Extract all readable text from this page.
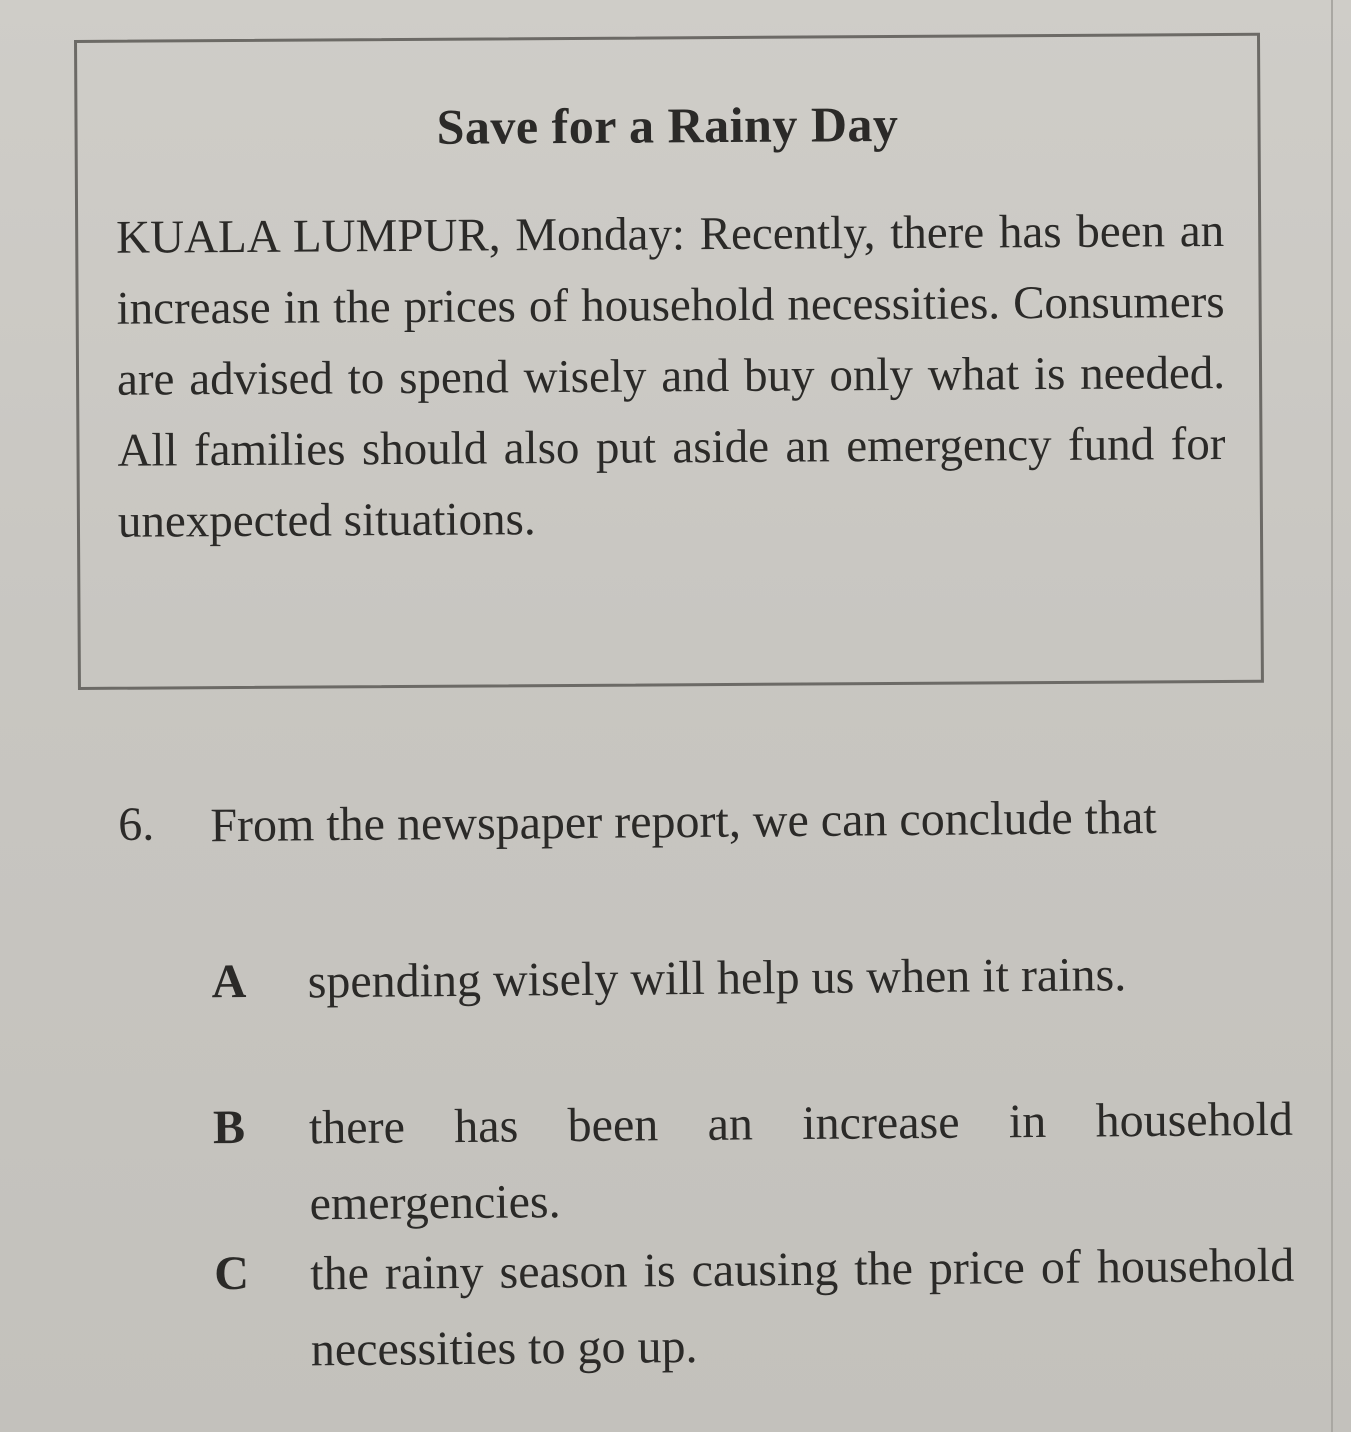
Save for a Rainy Day

KUALA LUMPUR, Monday: Recently, there has been an increase in the prices of household necessities. Consumers are advised to spend wisely and buy only what is needed. All families should also put aside an emergency fund for unexpected situations.

6. From the newspaper report, we can conclude that

A spending wisely will help us when it rains.

B there has been an increase in household emergencies.

C the rainy season is causing the price of household necessities to go up.
